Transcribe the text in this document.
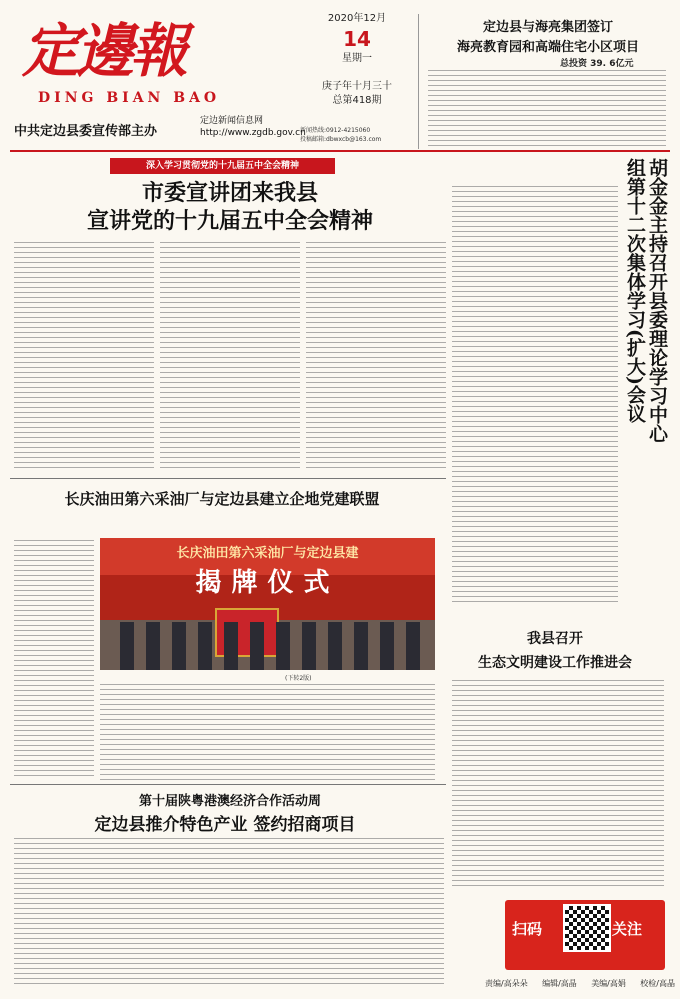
定邊報
DING BIAN BAO
中共定边县委宣传部主办
定边新闻信息网
http://www.zgdb.gov.cn
2020年12月
14
星期一
庚子年十月三十
总第418期
新闻热线:0912-4215060
投稿邮箱:dbwxcb@163.com
定边县与海亮集团签订
海亮教育园和高端住宅小区项目
总投资 39. 6亿元
深入学习贯彻党的十九届五中全会精神
市委宣讲团来我县
宣讲党的十九届五中全会精神	胡金金主持召开县委理论学习中心组第十二次集体学习(扩大)会议
长庆油田第六采油厂与定边县建立企地党建联盟
长庆油田第六采油厂与定边县建
揭牌仪式
(下转2版)
我县召开
生态文明建设工作推进会
第十届陕粤港澳经济合作活动周
定边县推介特色产业 签约招商项目
扫码	关注
责编/高朵朵 编辑/高晶 美编/高娟 校检/高晶
